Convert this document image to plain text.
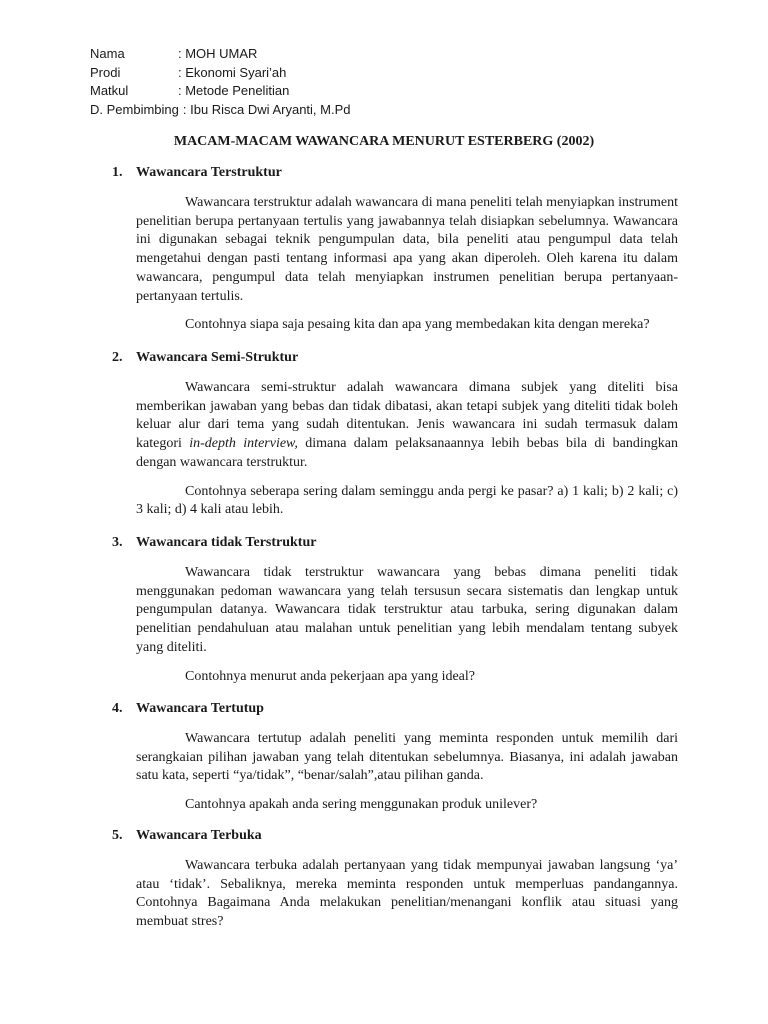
Nama	: MOH UMAR
Prodi	: Ekonomi Syari’ah
Matkul	: Metode Penelitian
D. Pembimbing : Ibu Risca Dwi Aryanti, M.Pd
MACAM-MACAM WAWANCARA MENURUT ESTERBERG (2002)
1. Wawancara Terstruktur

Wawancara terstruktur adalah wawancara di mana peneliti telah menyiapkan instrument penelitian berupa pertanyaan tertulis yang jawabannya telah disiapkan sebelumnya. Wawancara ini digunakan sebagai teknik pengumpulan data, bila peneliti atau pengumpul data telah mengetahui dengan pasti tentang informasi apa yang akan diperoleh. Oleh karena itu dalam wawancara, pengumpul data telah menyiapkan instrumen penelitian berupa pertanyaan-pertanyaan tertulis.

Contohnya siapa saja pesaing kita dan apa yang membedakan kita dengan mereka?

2. Wawancara Semi-Struktur

Wawancara semi-struktur adalah wawancara dimana subjek yang diteliti bisa memberikan jawaban yang bebas dan tidak dibatasi, akan tetapi subjek yang diteliti tidak boleh keluar alur dari tema yang sudah ditentukan. Jenis wawancara ini sudah termasuk dalam kategori in-depth interview, dimana dalam pelaksanaannya lebih bebas bila di bandingkan dengan wawancara terstruktur.

Contohnya seberapa sering dalam seminggu anda pergi ke pasar? a) 1 kali; b) 2 kali; c) 3 kali; d) 4 kali atau lebih.

3. Wawancara tidak Terstruktur

Wawancara tidak terstruktur wawancara yang bebas dimana peneliti tidak menggunakan pedoman wawancara yang telah tersusun secara sistematis dan lengkap untuk pengumpulan datanya. Wawancara tidak terstruktur atau tarbuka, sering digunakan dalam penelitian pendahuluan atau malahan untuk penelitian yang lebih mendalam tentang subyek yang diteliti.

Contohnya menurut anda pekerjaan apa yang ideal?

4. Wawancara Tertutup

Wawancara tertutup adalah peneliti yang meminta responden untuk memilih dari serangkaian pilihan jawaban yang telah ditentukan sebelumnya. Biasanya, ini adalah jawaban satu kata, seperti “ya/tidak”, “benar/salah”,atau pilihan ganda.

Cantohnya apakah anda sering menggunakan produk unilever?

5. Wawancara Terbuka

Wawancara terbuka adalah pertanyaan yang tidak mempunyai jawaban langsung ‘ya’ atau ‘tidak’. Sebaliknya, mereka meminta responden untuk memperluas pandangannya. Contohnya Bagaimana Anda melakukan penelitian/menangani konflik atau situasi yang membuat stres?
